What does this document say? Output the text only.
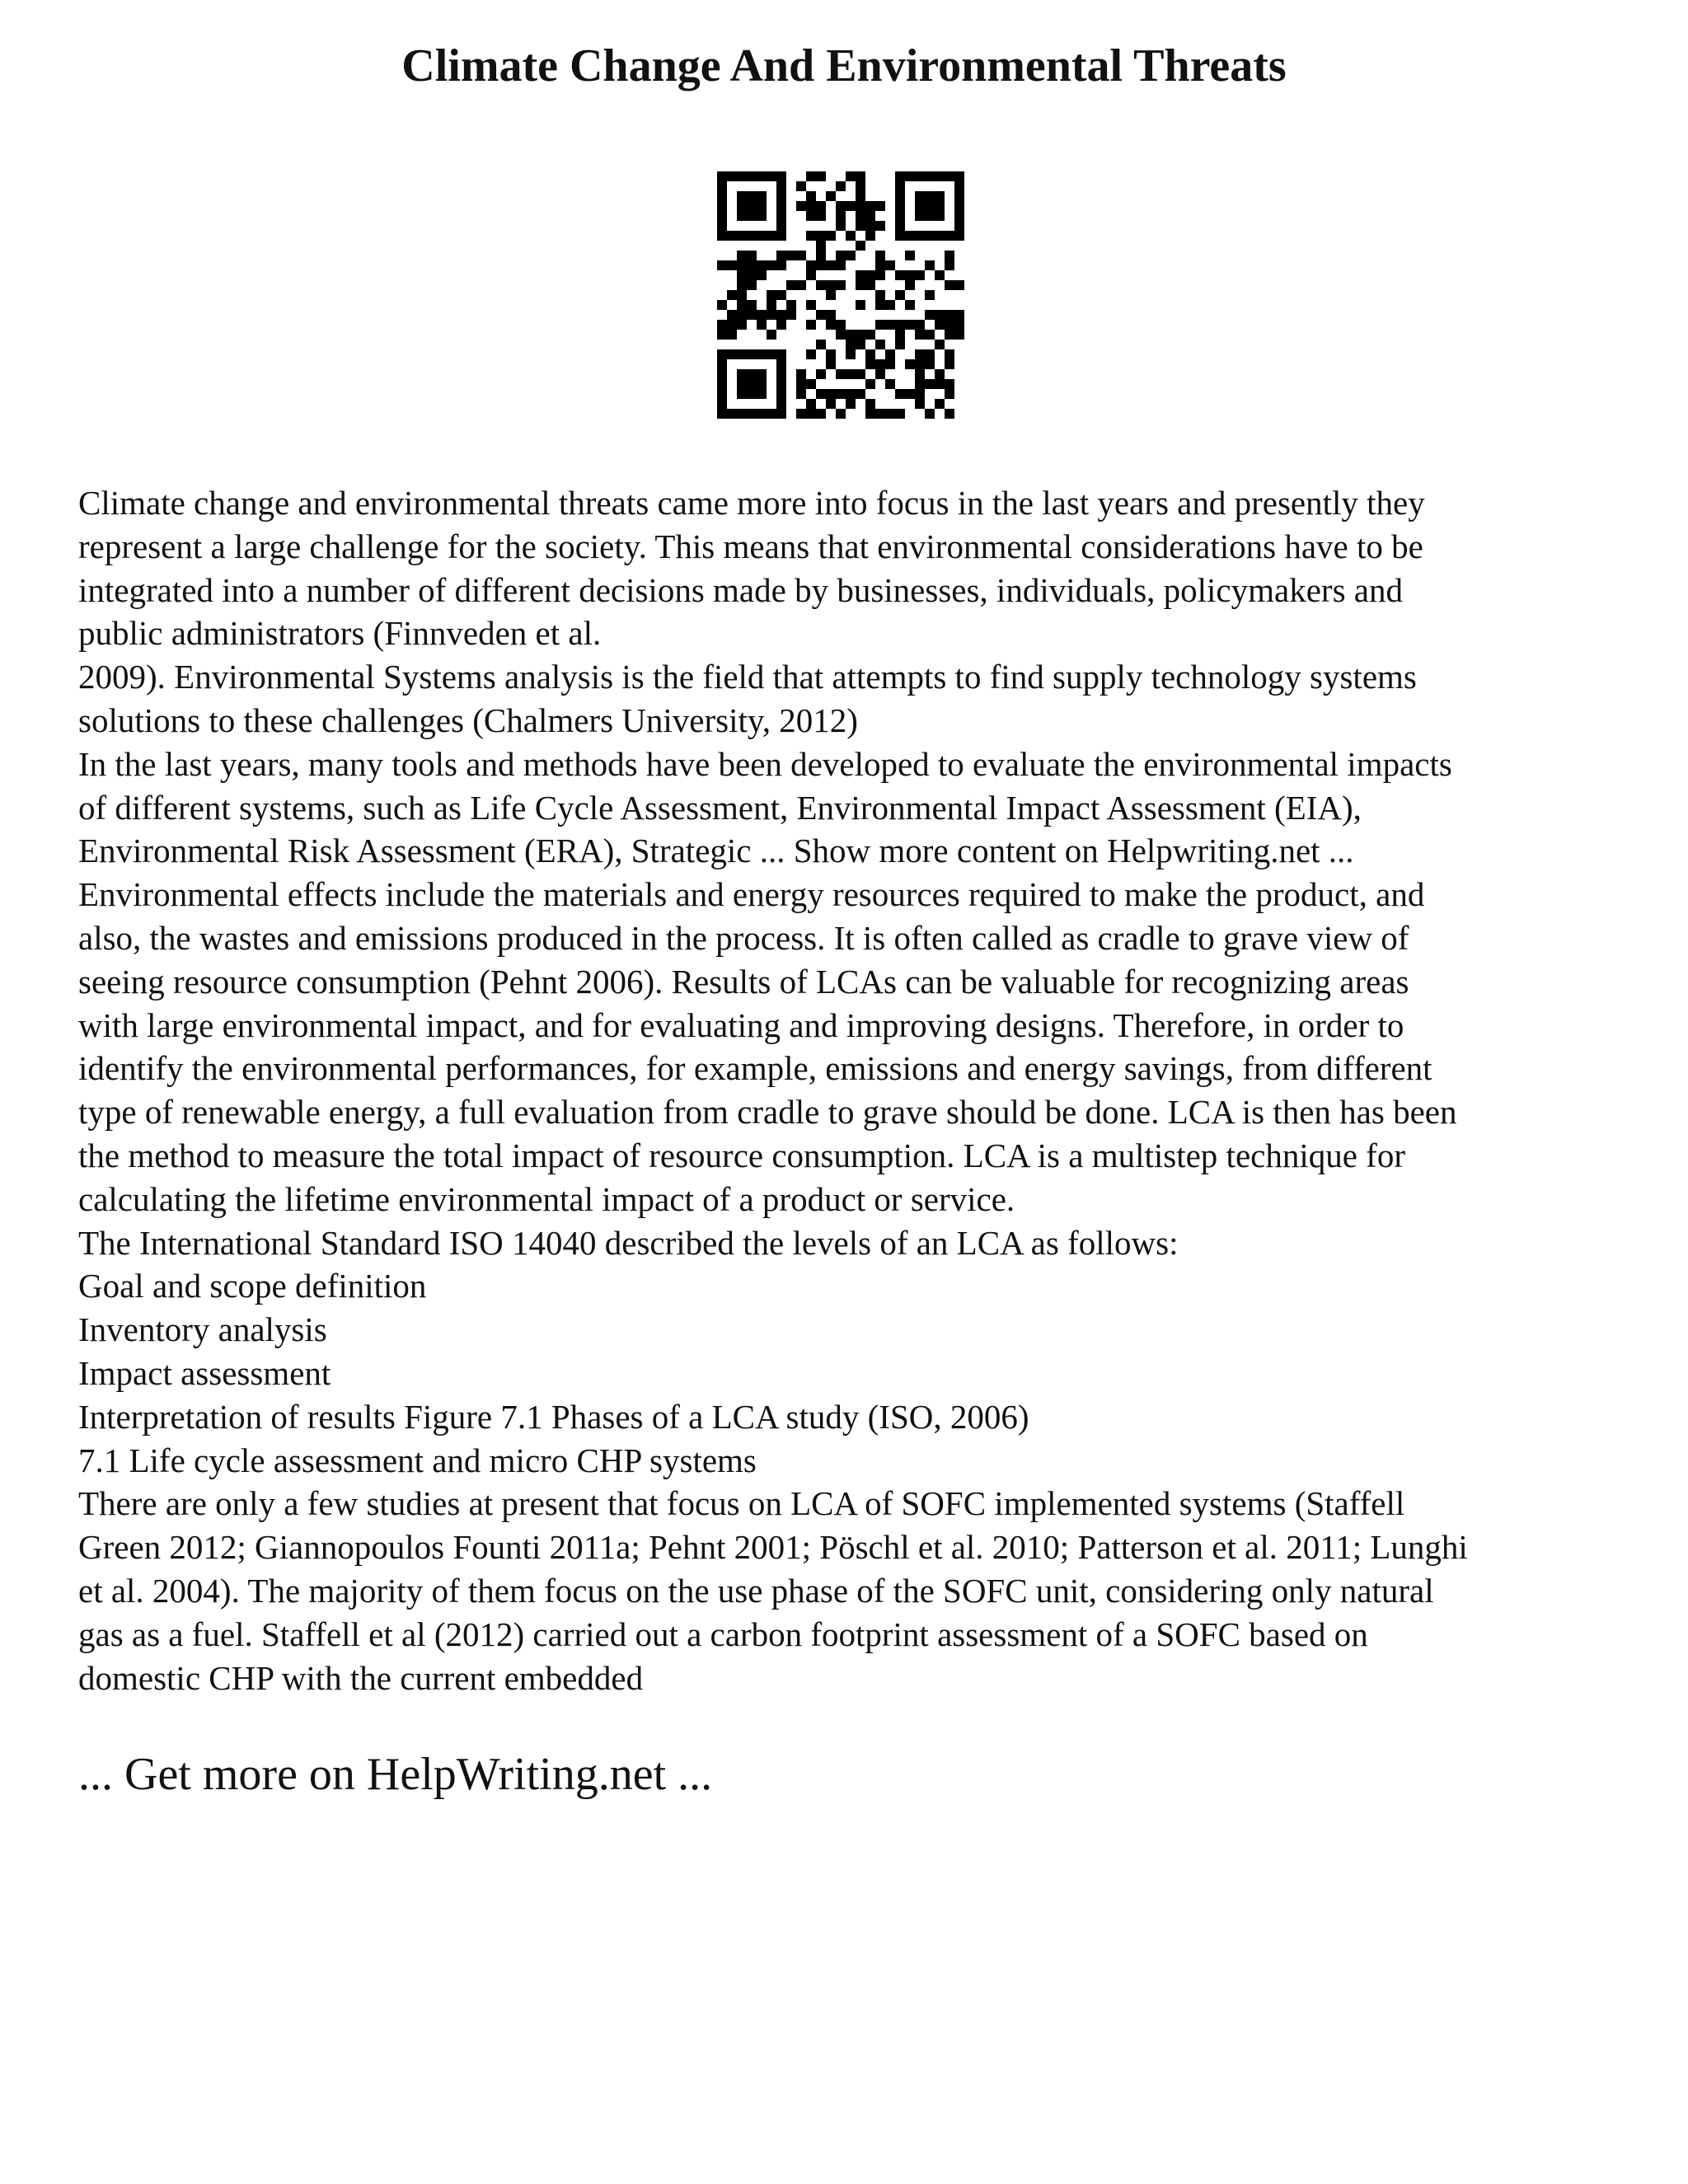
Climate Change And Environmental Threats
Climate change and environmental threats came more into focus in the last years and presently they
represent a large challenge for the society. This means that environmental considerations have to be
integrated into a number of different decisions made by businesses, individuals, policymakers and
public administrators (Finnveden et al.
2009). Environmental Systems analysis is the field that attempts to find supply technology systems
solutions to these challenges (Chalmers University, 2012)
In the last years, many tools and methods have been developed to evaluate the environmental impacts
of different systems, such as Life Cycle Assessment, Environmental Impact Assessment (EIA),
Environmental Risk Assessment (ERA), Strategic ... Show more content on Helpwriting.net ...
Environmental effects include the materials and energy resources required to make the product, and
also, the wastes and emissions produced in the process. It is often called as cradle to grave view of
seeing resource consumption (Pehnt 2006). Results of LCAs can be valuable for recognizing areas
with large environmental impact, and for evaluating and improving designs. Therefore, in order to
identify the environmental performances, for example, emissions and energy savings, from different
type of renewable energy, a full evaluation from cradle to grave should be done. LCA is then has been
the method to measure the total impact of resource consumption. LCA is a multistep technique for
calculating the lifetime environmental impact of a product or service.
The International Standard ISO 14040 described the levels of an LCA as follows:
Goal and scope definition
Inventory analysis
Impact assessment
Interpretation of results Figure 7.1 Phases of a LCA study (ISO, 2006)
7.1 Life cycle assessment and micro CHP systems
There are only a few studies at present that focus on LCA of SOFC implemented systems (Staffell
Green 2012; Giannopoulos Founti 2011a; Pehnt 2001; Pöschl et al. 2010; Patterson et al. 2011; Lunghi
et al. 2004). The majority of them focus on the use phase of the SOFC unit, considering only natural
gas as a fuel. Staffell et al (2012) carried out a carbon footprint assessment of a SOFC based on
domestic CHP with the current embedded
... Get more on HelpWriting.net ...
